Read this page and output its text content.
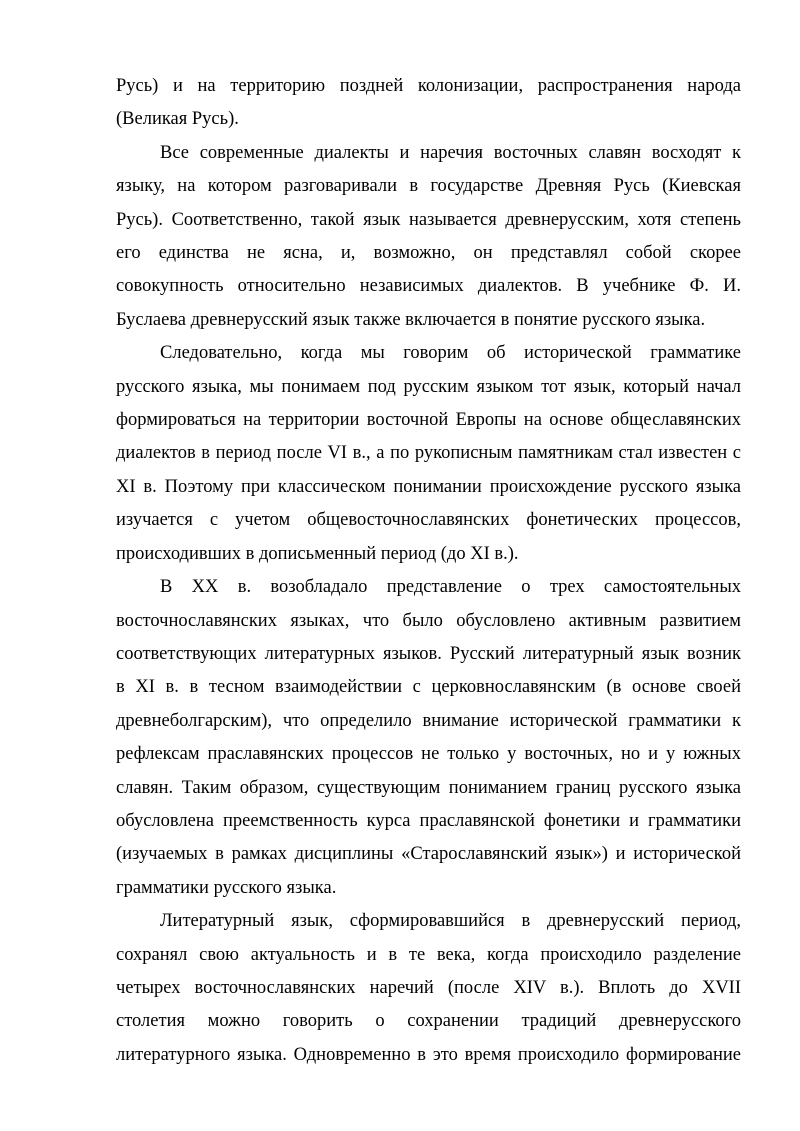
Русь) и на территорию поздней колонизации, распространения народа
(Великая Русь).

Все современные диалекты и наречия восточных славян восходят к
языку, на котором разговаривали в государстве Древняя Русь (Киевская
Русь). Соответственно, такой язык называется древнерусским, хотя степень
его единства не ясна, и, возможно, он представлял собой скорее
совокупность относительно независимых диалектов. В учебнике Ф. И.
Буслаева древнерусский язык также включается в понятие русского языка.

Следовательно, когда мы говорим об исторической грамматике
русского языка, мы понимаем под русским языком тот язык, который начал
формироваться на территории восточной Европы на основе общеславянских
диалектов в период после VI в., а по рукописным памятникам стал известен с
XI в. Поэтому при классическом понимании происхождение русского языка
изучается с учетом общевосточнославянских фонетических процессов,
происходивших в дописьменный период (до XI в.).

В XX в. возобладало представление о трех самостоятельных
восточнославянских языках, что было обусловлено активным развитием
соответствующих литературных языков. Русский литературный язык возник
в XI в. в тесном взаимодействии с церковнославянским (в основе своей
древнеболгарским), что определило внимание исторической грамматики к
рефлексам праславянских процессов не только у восточных, но и у южных
славян. Таким образом, существующим пониманием границ русского языка
обусловлена преемственность курса праславянской фонетики и грамматики
(изучаемых в рамках дисциплины «Старославянский язык») и исторической
грамматики русского языка.

Литературный язык, сформировавшийся в древнерусский период,
сохранял свою актуальность и в те века, когда происходило разделение
четырех восточнославянских наречий (после XIV в.). Вплоть до XVII
столетия можно говорить о сохранении традиций древнерусского
литературного языка. Одновременно в это время происходило формирование
